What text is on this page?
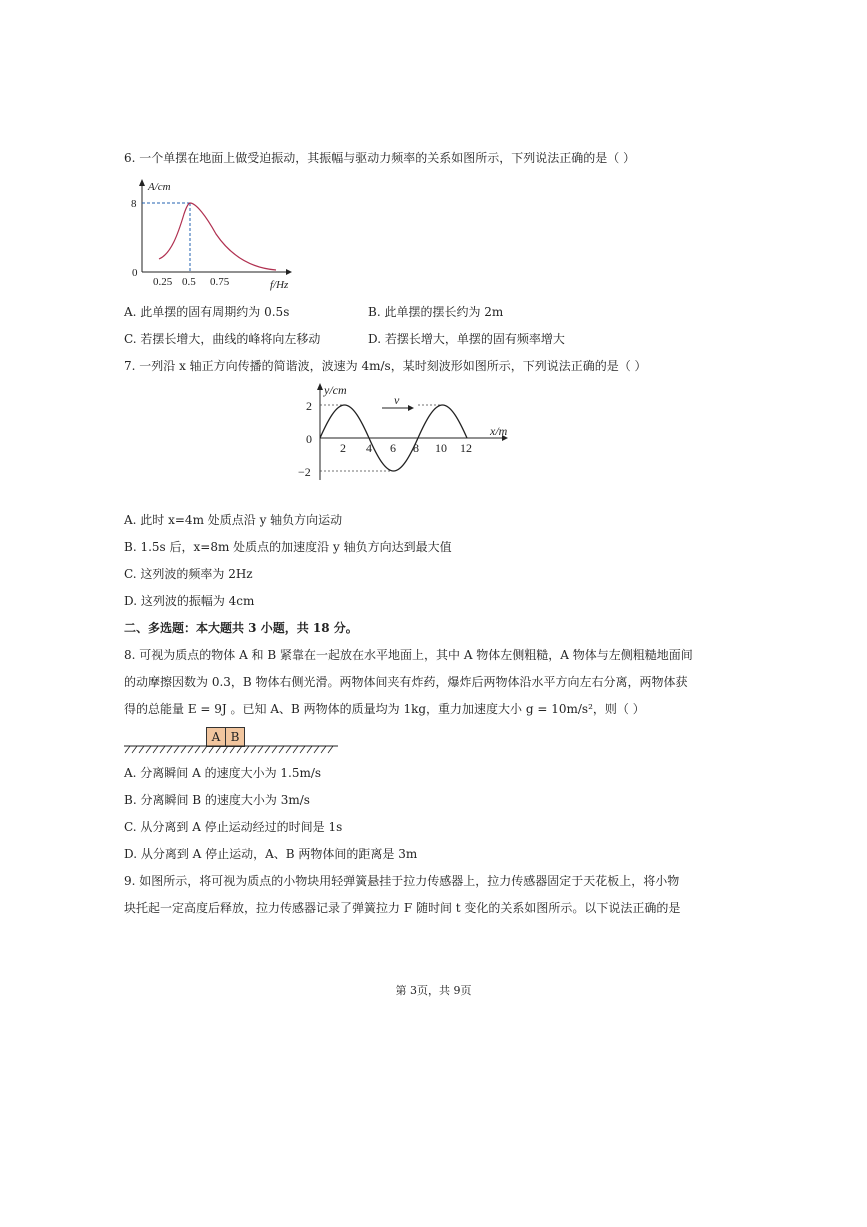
6. 一个单摆在地面上做受迫振动，其振幅与驱动力频率的关系如图所示，下列说法正确的是（ ）
A/cm
8
0
0.25 0.5 0.75	f/Hz
A. 此单摆的固有周期约为 0.5s	B. 此单摆的摆长约为 2m
C. 若摆长增大，曲线的峰将向左移动	D. 若摆长增大，单摆的固有频率增大
7. 一列沿 x 轴正方向传播的简谐波，波速为 4m/s，某时刻波形如图所示，下列说法正确的是（ ）
v
y/cm
x/m
2
0
−2
2 4 6 8 10 12
A. 此时 x=4m 处质点沿 y 轴负方向运动
B. 1.5s 后，x=8m 处质点的加速度沿 y 轴负方向达到最大值
C. 这列波的频率为 2Hz
D. 这列波的振幅为 4cm
二、多选题：本大题共 3 小题，共 18 分。
8. 可视为质点的物体 A 和 B 紧靠在一起放在水平地面上，其中 A 物体左侧粗糙，A 物体与左侧粗糙地面间
的动摩擦因数为 0.3，B 物体右侧光滑。两物体间夹有炸药，爆炸后两物体沿水平方向左右分离，两物体获
得的总能量 E = 9J 。已知 A、B 两物体的质量均为 1kg，重力加速度大小 g = 10m/s²，则（ ）
A B
A. 分离瞬间 A 的速度大小为 1.5m/s
B. 分离瞬间 B 的速度大小为 3m/s
C. 从分离到 A 停止运动经过的时间是 1s
D. 从分离到 A 停止运动，A、B 两物体间的距离是 3m
9. 如图所示，将可视为质点的小物块用轻弹簧悬挂于拉力传感器上，拉力传感器固定于天花板上，将小物
块托起一定高度后释放，拉力传感器记录了弹簧拉力 F 随时间 t 变化的关系如图所示。以下说法正确的是
第 3页，共 9页
